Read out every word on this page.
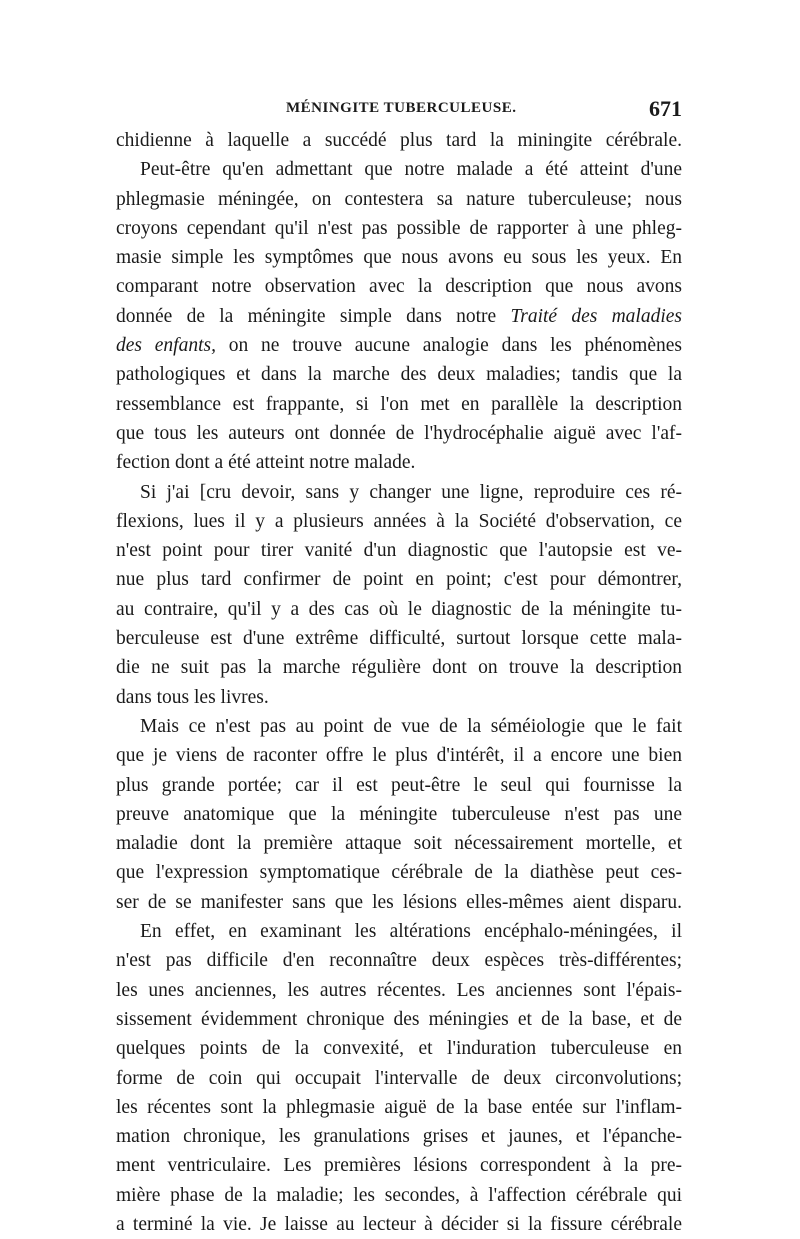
MÉNINGITE TUBERCULEUSE.	671
chidienne à laquelle a succédé plus tard la miningite cérébrale.
Peut-être qu'en admettant que notre malade a été atteint d'une
phlegmasie méningée, on contestera sa nature tuberculeuse; nous
croyons cependant qu'il n'est pas possible de rapporter à une phleg-
masie simple les symptômes que nous avons eu sous les yeux. En
comparant notre observation avec la description que nous avons
donnée de la méningite simple dans notre Traité des maladies
des enfants, on ne trouve aucune analogie dans les phénomènes
pathologiques et dans la marche des deux maladies; tandis que la
ressemblance est frappante, si l'on met en parallèle la description
que tous les auteurs ont donnée de l'hydrocéphalie aiguë avec l'af-
fection dont a été atteint notre malade.
Si j'ai [cru devoir, sans y changer une ligne, reproduire ces ré-
flexions, lues il y a plusieurs années à la Société d'observation, ce
n'est point pour tirer vanité d'un diagnostic que l'autopsie est ve-
nue plus tard confirmer de point en point; c'est pour démontrer,
au contraire, qu'il y a des cas où le diagnostic de la méningite tu-
berculeuse est d'une extrême difficulté, surtout lorsque cette mala-
die ne suit pas la marche régulière dont on trouve la description
dans tous les livres.
Mais ce n'est pas au point de vue de la séméiologie que le fait
que je viens de raconter offre le plus d'intérêt, il a encore une bien
plus grande portée; car il est peut-être le seul qui fournisse la
preuve anatomique que la méningite tuberculeuse n'est pas une
maladie dont la première attaque soit nécessairement mortelle, et
que l'expression symptomatique cérébrale de la diathèse peut ces-
ser de se manifester sans que les lésions elles-mêmes aient disparu.
En effet, en examinant les altérations encéphalo-méningées, il
n'est pas difficile d'en reconnaître deux espèces très-différentes;
les unes anciennes, les autres récentes. Les anciennes sont l'épais-
sissement évidemment chronique des méningies et de la base, et de
quelques points de la convexité, et l'induration tuberculeuse en
forme de coin qui occupait l'intervalle de deux circonvolutions;
les récentes sont la phlegmasie aiguë de la base entée sur l'inflam-
mation chronique, les granulations grises et jaunes, et l'épanche-
ment ventriculaire. Les premières lésions correspondent à la pre-
mière phase de la maladie; les secondes, à l'affection cérébrale qui
a terminé la vie. Je laisse au lecteur à décider si la fissure cérébrale
